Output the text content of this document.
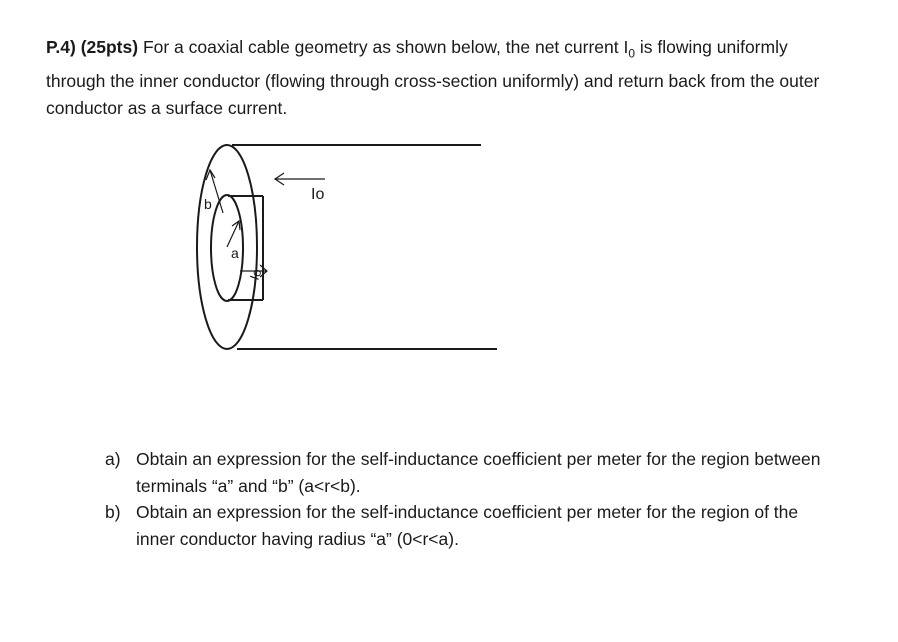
P.4) (25pts) For a coaxial cable geometry as shown below, the net current $I_0$ is flowing uniformly through the inner conductor (flowing through cross-section uniformly) and return back from the outer conductor as a surface current.
Io
Io
b
a
a) Obtain an expression for the self-inductance coefficient per meter for the region between terminals “a” and “b” (a<r<b).
b) Obtain an expression for the self-inductance coefficient per meter for the region of the inner conductor having radius “a” (0<r<a).
